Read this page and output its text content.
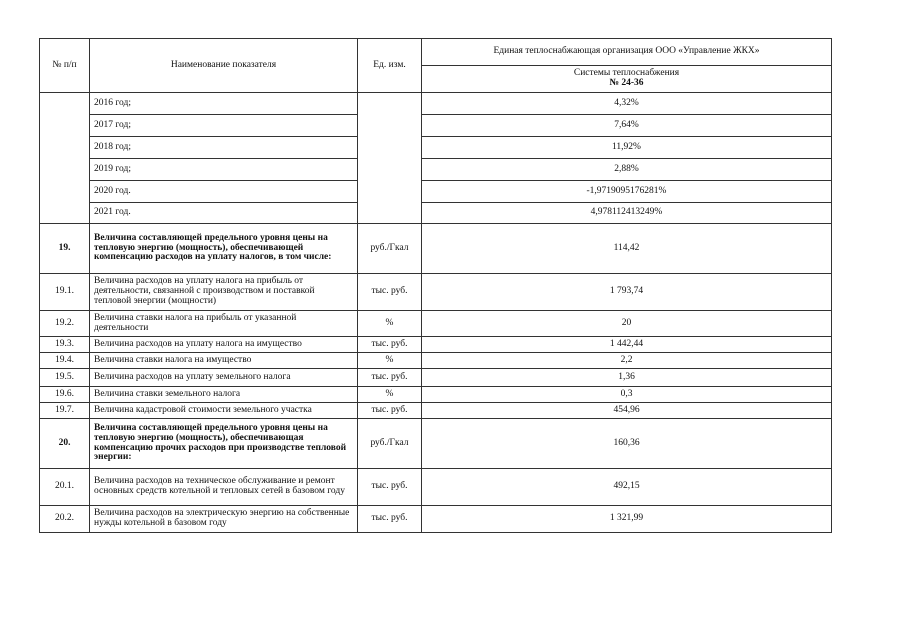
№ п/п	Наименование показателя	Ед. изм.	Единая теплоснабжающая организация ООО «Управление ЖКХ»

			Системы теплоснабжения
№ 24-36

	2016 год;		4,32%
	2017 год;		7,64%
	2018 год;		11,92%
	2019 год;		2,88%
	2020 год.		-1,9719095176281%
	2021 год.		4,978112413249%
19.	Величина составляющей предельного уровня цены на тепловую энергию (мощность), обеспечивающей компенсацию расходов на уплату налогов, в том числе:	руб./Гкал	114,42
19.1.	Величина расходов на уплату налога на прибыль от деятельности, связанной с производством и поставкой тепловой энергии (мощности)	тыс. руб.	1 793,74
19.2.	Величина ставки налога на прибыль от указанной деятельности	%	20
19.3.	Величина расходов на уплату налога на имущество	тыс. руб.	1 442,44
19.4.	Величина ставки налога на имущество	%	2,2
19.5.	Величина расходов на уплату земельного налога	тыс. руб.	1,36
19.6.	Величина ставки земельного налога	%	0,3
19.7.	Величина кадастровой стоимости земельного участка	тыс. руб.	454,96
20.	Величина составляющей предельного уровня цены на тепловую энергию (мощность), обеспечивающая компенсацию прочих расходов при производстве тепловой энергии:	руб./Гкал	160,36
20.1.	Величина расходов на техническое обслуживание и ремонт основных средств котельной и тепловых сетей в базовом году	тыс. руб.	492,15
20.2.	Величина расходов на электрическую энергию на собственные нужды котельной в базовом году	тыс. руб.	1 321,99
